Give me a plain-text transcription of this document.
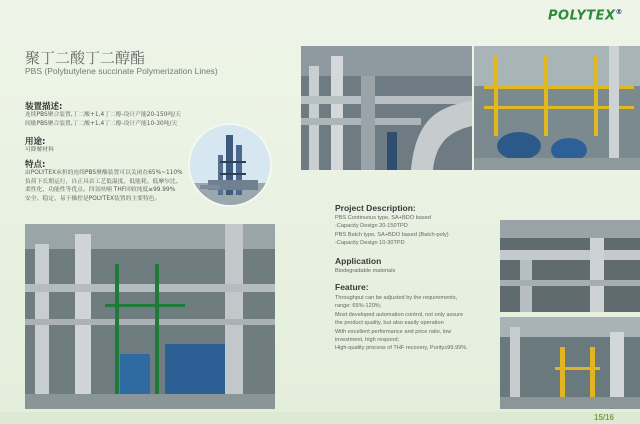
POLYTEX®
聚丁二酸丁二醇酯
PBS (Polybutylene succinate Polymerization Lines)
装置描述:
连续PBS聚合装置,丁二酸+1,4丁二醇-设计产能20-150吨/天
间歇PBS聚合装置,丁二酸+1,4丁二醇-设计产能10-30吨/天
用途:
可降解材料
特点:
由POLYTEX承担的连续PBS聚酯装置可以关闭在65%~110%
负荷下长期运行，自正具首工艺低温度、低能耗、低摩尔比、
柔性化、功能性等优点。四氢呋喃 THF回收纯度≥99.99%
安全、稳定、易于操控是POLYTEX装置的主要特色。
Project Description:
PBS Continuous type, SA+BDO based
-Capacity Design 20-150TPD
PBS Batch type, SA+BDO based (Batch-poly)
-Capacity Design 10-30TPD
Application
Biodegradable materials
Feature:
Throughput can be adjusted by the requirements,
range: 65%-120%;
Most developed automation control, not only assure
the product quality, but also easily operation
With excellent performance and price ratio, low
investment, high respond;
High-quality process of THF recovery, Purity≥99.99%.
15/16
